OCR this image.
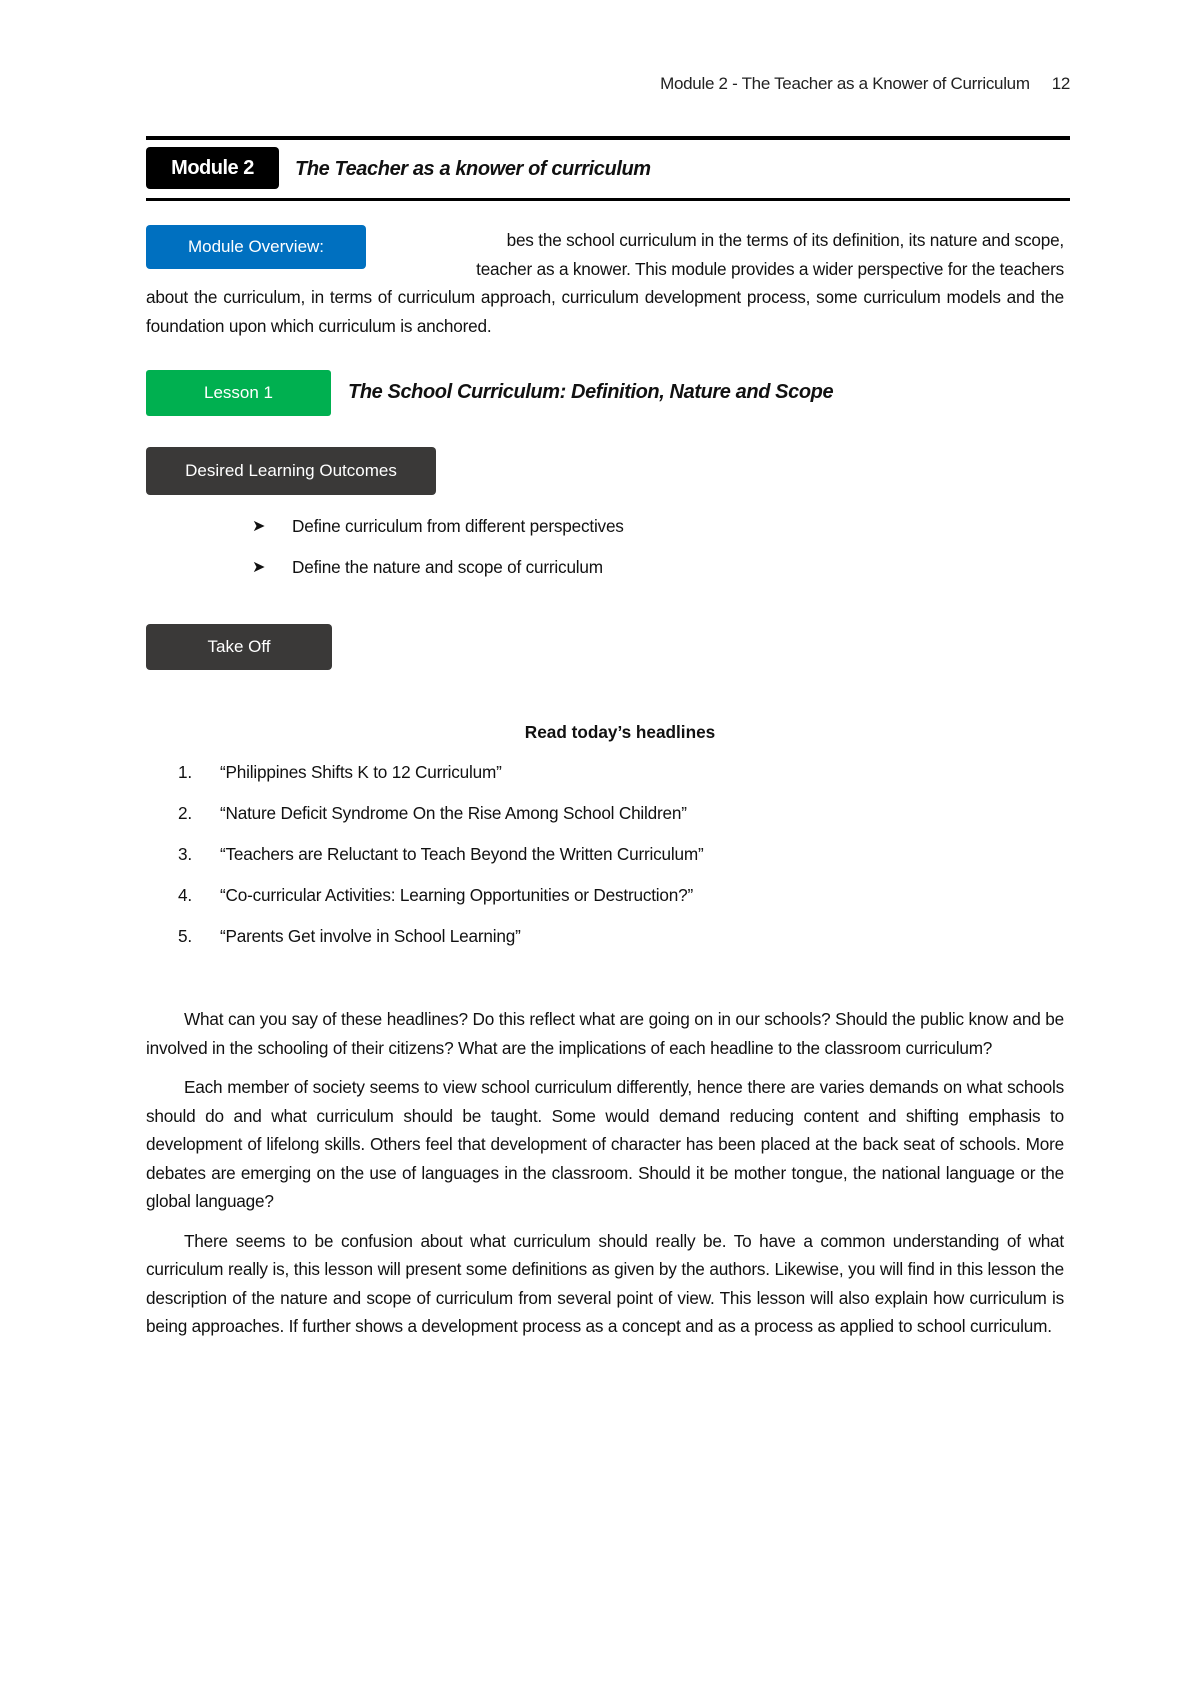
Module 2 - The Teacher as a Knower of Curriculum 12
Module 2	The Teacher as a knower of curriculum

bes the school curriculum in the terms of its definition, its nature and scope,

teacher as a knower. This module provides a wider perspective for the teachers

about the curriculum, in terms of curriculum approach, curriculum development process, some curriculum models and the foundation upon which curriculum is anchored.

Module Overview:
Lesson 1	The School Curriculum: Definition, Nature and Scope
Desired Learning Outcomes
➤	Define curriculum from different perspectives
➤	Define the nature and scope of curriculum
Take Off
Read today’s headlines
1.	“Philippines Shifts K to 12 Curriculum”
2.	“Nature Deficit Syndrome On the Rise Among School Children”
3.	“Teachers are Reluctant to Teach Beyond the Written Curriculum”
4.	“Co-curricular Activities: Learning Opportunities or Destruction?”
5.	“Parents Get involve in School Learning”

What can you say of these headlines? Do this reflect what are going on in our schools? Should the public know and be involved in the schooling of their citizens? What are the implications of each headline to the classroom curriculum?

Each member of society seems to view school curriculum differently, hence there are varies demands on what schools should do and what curriculum should be taught. Some would demand reducing content and shifting emphasis to development of lifelong skills. Others feel that development of character has been placed at the back seat of schools. More debates are emerging on the use of languages in the classroom. Should it be mother tongue, the national language or the global language?

There seems to be confusion about what curriculum should really be. To have a common understanding of what curriculum really is, this lesson will present some definitions as given by the authors. Likewise, you will find in this lesson the description of the nature and scope of curriculum from several point of view. This lesson will also explain how curriculum is being approaches. If further shows a development process as a concept and as a process as applied to school curriculum.
